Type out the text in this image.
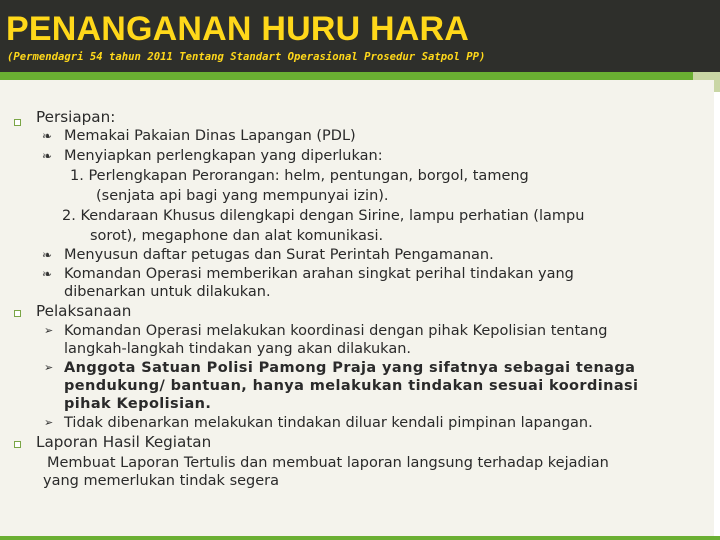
PENANGANAN HURU HARA
(Permendagri 54 tahun 2011 Tentang Standart Operasional Prosedur Satpol PP)
Persiapan:
❧ Memakai Pakaian Dinas Lapangan (PDL)
❧ Menyiapkan perlengkapan yang diperlukan:
1. Perlengkapan Perorangan: helm, pentungan, borgol, tameng
(senjata api bagi yang mempunyai izin).
2. Kendaraan Khusus dilengkapi dengan Sirine, lampu perhatian (lampu
sorot), megaphone dan alat komunikasi.
❧ Menyusun daftar petugas dan Surat Perintah Pengamanan.
❧ Komandan Operasi memberikan arahan singkat perihal tindakan yang
dibenarkan untuk dilakukan.
Pelaksanaan
➢ Komandan Operasi melakukan koordinasi dengan pihak Kepolisian tentang
langkah-langkah tindakan yang akan dilakukan.
➢ Anggota Satuan Polisi Pamong Praja yang sifatnya sebagai tenaga
pendukung/ bantuan, hanya melakukan tindakan sesuai koordinasi
pihak Kepolisian.
➢ Tidak dibenarkan melakukan tindakan diluar kendali pimpinan lapangan.
Laporan Hasil Kegiatan
Membuat Laporan Tertulis dan membuat laporan langsung terhadap kejadian
yang memerlukan tindak segera
